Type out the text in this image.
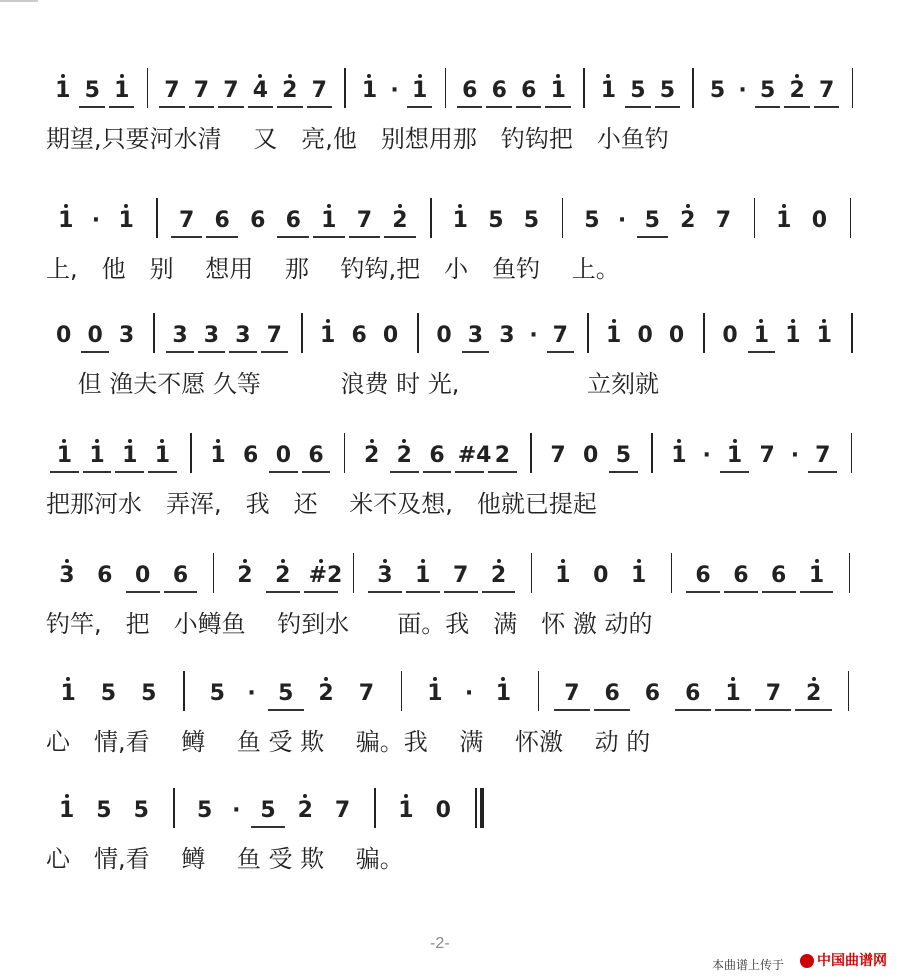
1 5 1 7 7 7 4 2 7 1 · 1 6 6 6 1 1 5 5 5 · 5 2 7
期望,只要河水清　 又　亮,他　别想用那　钓钩把　小鱼钓
1 · 1 7 6 6 6 1 7 2 1 5 5 5 · 5 2 7 1 0
上,　他　别　 想用　 那　 钓钩,把　小　鱼钓　 上。
0 0 3 3 3 3 7 1 6 0 0 3 3 · 7 1 0 0 0 1 1 1
　 但 渔夫不愿 久等　　　 浪费 时 光,　　　　　 立刻就
1 1 1 1 1 6 0 6 2 2 6 #4 2 7 0 5 1 · 1 7 · 7
把那河水　弄浑,　我　还　 米不及想,　他就已提起
3 6 0 6 2 2 #2 3 1 7 2 1 0 1 6 6 6 1
钓竿,　把　小鳟鱼　 钓到水　　面。我　满　怀 激 动的
1 5 5 5	·	5 2 7 1	·	1 7 6 6 6 1 7 2
心　情,看　 鳟　 鱼 受 欺　 骗。我　 满　 怀激　 动 的
1 5 5 5 · 5 2 7 1 0
心　情,看　 鳟　 鱼 受 欺　 骗。
-2-
本曲谱上传于	中国曲谱网
